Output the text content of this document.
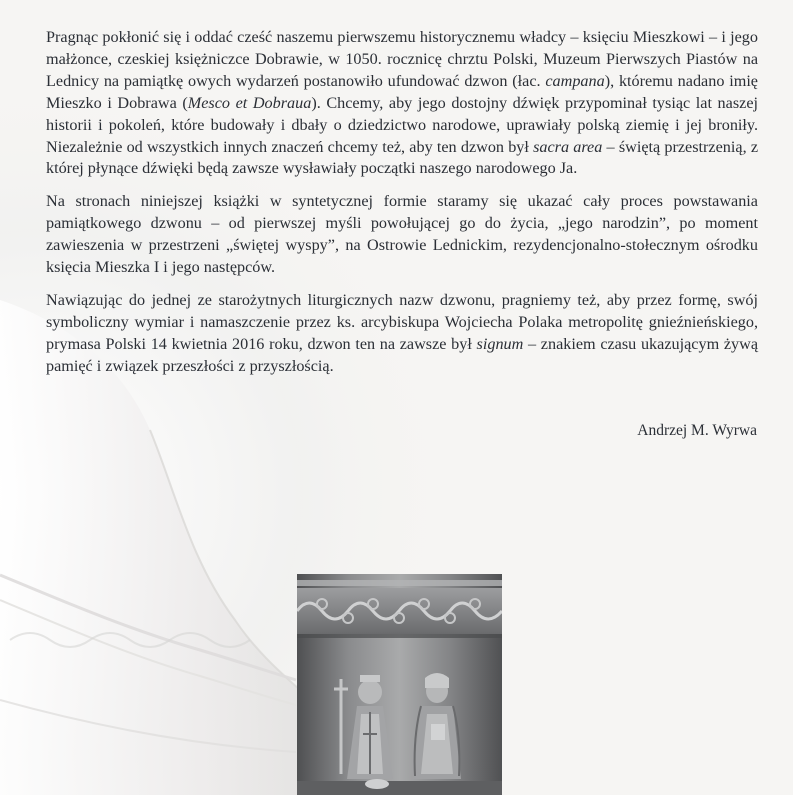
Pragnąc pokłonić się i oddać cześć naszemu pierwszemu historycznemu władcy – księciu Mieszkowi – i jego małżonce, czeskiej księżniczce Dobrawie, w 1050. rocznicę chrztu Polski, Muzeum Pierwszych Piastów na Lednicy na pamiątkę owych wydarzeń postanowiło ufundować dzwon (łac. campana), któremu nadano imię Mieszko i Dobrawa (Mesco et Dobraua). Chcemy, aby jego dostojny dźwięk przypominał tysiąc lat naszej historii i pokoleń, które budowały i dbały o dziedzictwo narodowe, uprawiały polską ziemię i jej broniły. Niezależnie od wszystkich innych znaczeń chcemy też, aby ten dzwon był sacra area – świętą przestrzenią, z której płynące dźwięki będą zawsze wysławiały początki naszego narodowego Ja.

Na stronach niniejszej książki w syntetycznej formie staramy się ukazać cały proces powstawania pamiątkowego dzwonu – od pierwszej myśli powołującej go do życia, „jego narodzin”, po moment zawieszenia w przestrzeni „świętej wyspy”, na Ostrowie Lednickim, rezydencjonalno-stołecznym ośrodku księcia Mieszka I i jego następców.

Nawiązując do jednej ze starożytnych liturgicznych nazw dzwonu, pragniemy też, aby przez formę, swój symboliczny wymiar i namaszczenie przez ks. arcybiskupa Wojciecha Polaka metropolitę gnieźnieńskiego, prymasa Polski 14 kwietnia 2016 roku, dzwon ten na zawsze był signum – znakiem czasu ukazującym żywą pamięć i związek przeszłości z przyszłością.

Andrzej M. Wyrwa
